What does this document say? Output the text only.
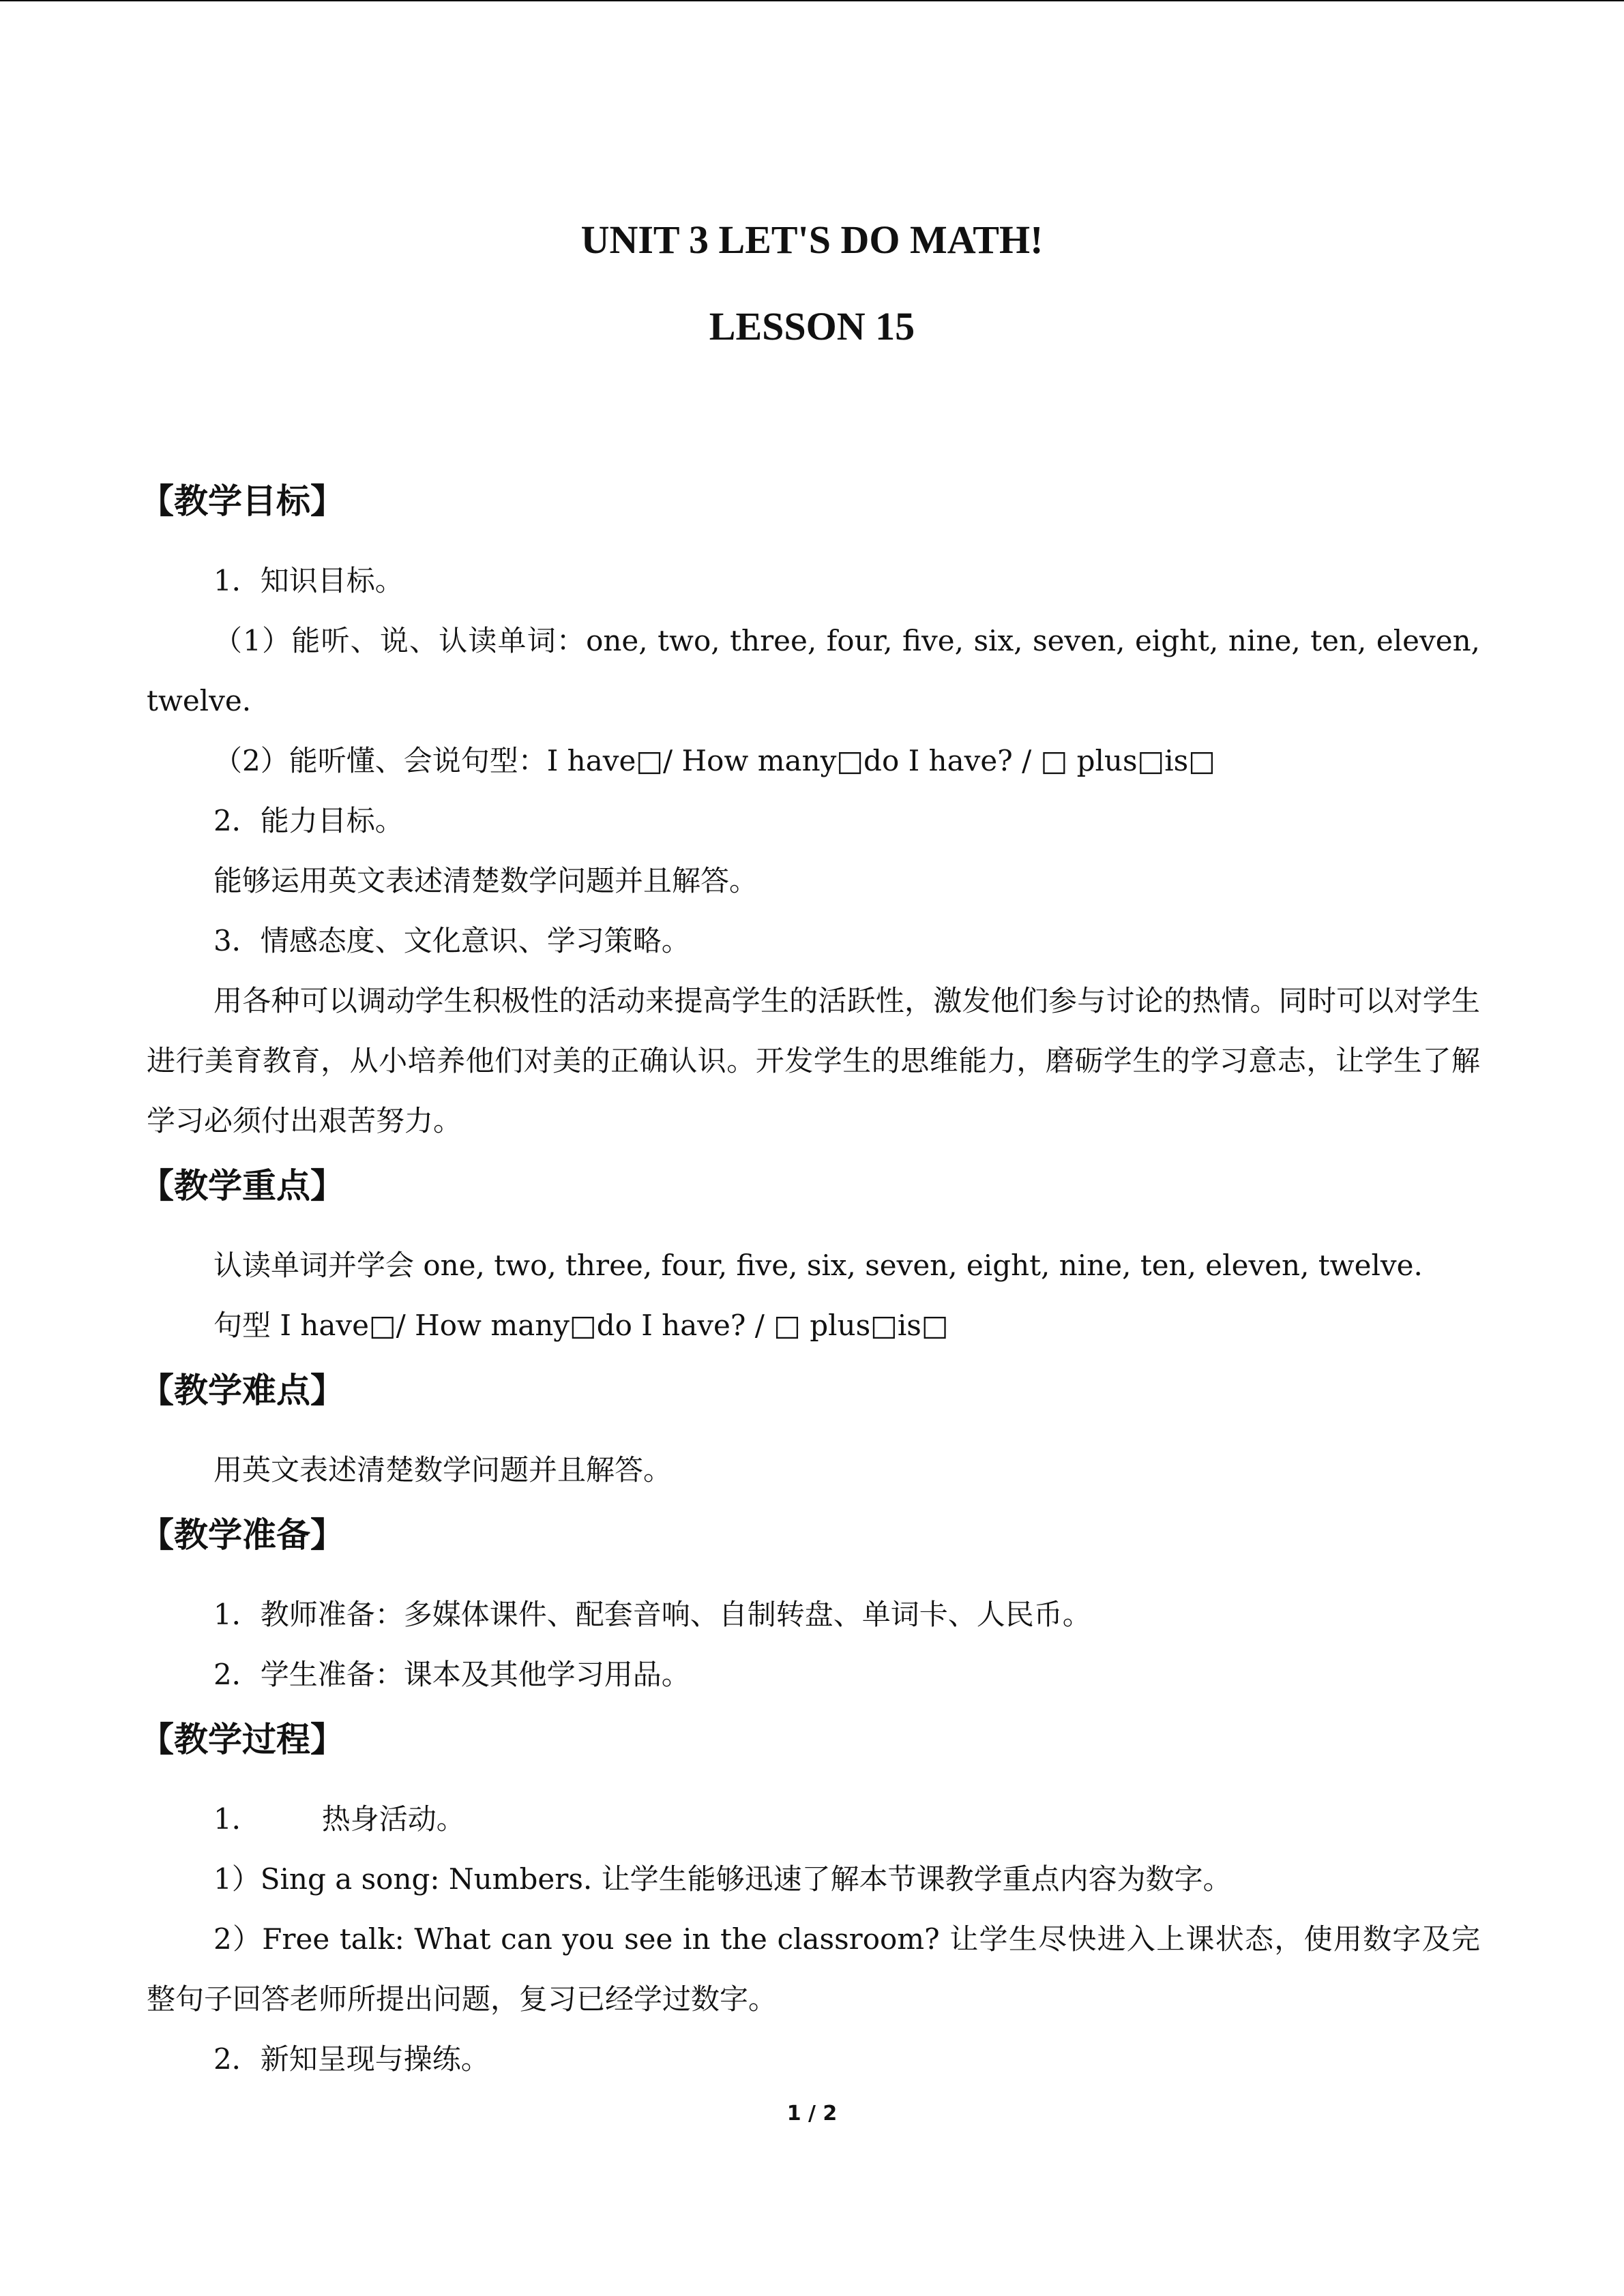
UNIT 3 LET'S DO MATH!
LESSON 15
【教学目标】
1．知识目标。
（1）能听、说、认读单词：one, two, three, four, five, six, seven, eight, nine, ten, eleven, twelve.
（2）能听懂、会说句型：I have□/ How many□do I have? / □ plus□is□
2．能力目标。
能够运用英文表述清楚数学问题并且解答。
3．情感态度、文化意识、学习策略。
用各种可以调动学生积极性的活动来提高学生的活跃性，激发他们参与讨论的热情。同时可以对学生进行美育教育，从小培养他们对美的正确认识。开发学生的思维能力，磨砺学生的学习意志，让学生了解学习必须付出艰苦努力。
【教学重点】
认读单词并学会 one, two, three, four, five, six, seven, eight, nine, ten, eleven, twelve.
句型 I have□/ How many□do I have? / □ plus□is□
【教学难点】
用英文表述清楚数学问题并且解答。
【教学准备】
1．教师准备：多媒体课件、配套音响、自制转盘、单词卡、人民币。
2．学生准备：课本及其他学习用品。
【教学过程】
1． 热身活动。
1）Sing a song: Numbers. 让学生能够迅速了解本节课教学重点内容为数字。
2）Free talk: What can you see in the classroom? 让学生尽快进入上课状态，使用数字及完整句子回答老师所提出问题，复习已经学过数字。
2．新知呈现与操练。
1 / 2
